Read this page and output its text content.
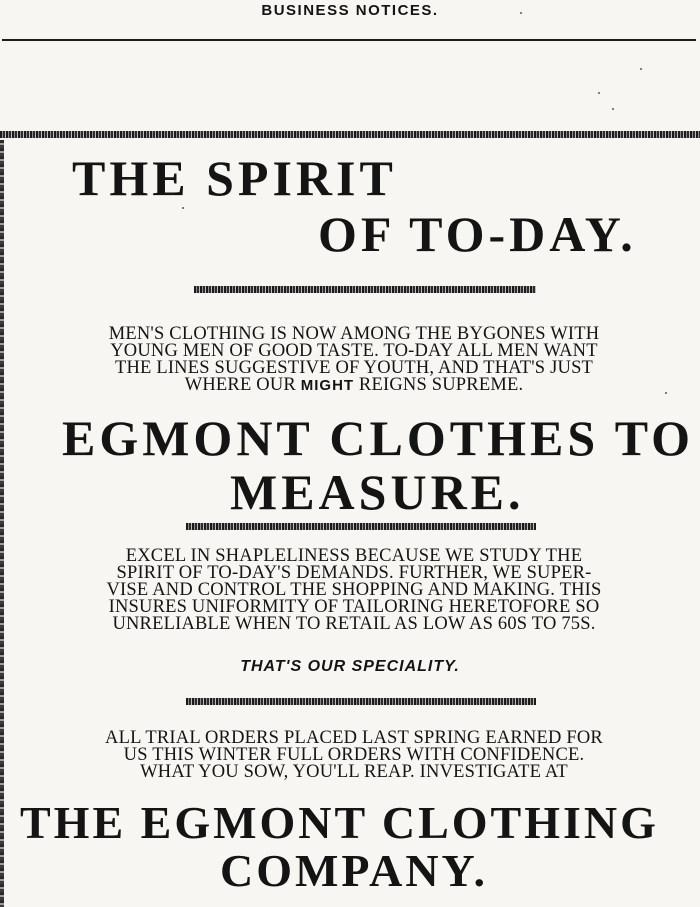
BUSINESS NOTICES.
THE SPIRIT
OF TO-DAY.
MEN'S CLOTHING IS NOW AMONG THE BYGONES WITH
YOUNG MEN OF GOOD TASTE. TO-DAY ALL MEN WANT
THE LINES SUGGESTIVE OF YOUTH, AND THAT'S JUST
WHERE OUR MIGHT REIGNS SUPREME.
EGMONT CLOTHES TO
MEASURE.
EXCEL IN SHAPLELINESS BECAUSE WE STUDY THE
SPIRIT OF TO-DAY'S DEMANDS. FURTHER, WE SUPER-
VISE AND CONTROL THE SHOPPING AND MAKING. THIS
INSURES UNIFORMITY OF TAILORING HERETOFORE SO
UNRELIABLE WHEN TO RETAIL AS LOW AS 60S TO 75S.
THAT'S OUR SPECIALITY.
ALL TRIAL ORDERS PLACED LAST SPRING EARNED FOR
US THIS WINTER FULL ORDERS WITH CONFIDENCE.
WHAT YOU SOW, YOU'LL REAP. INVESTIGATE AT
THE EGMONT CLOTHING
COMPANY.
